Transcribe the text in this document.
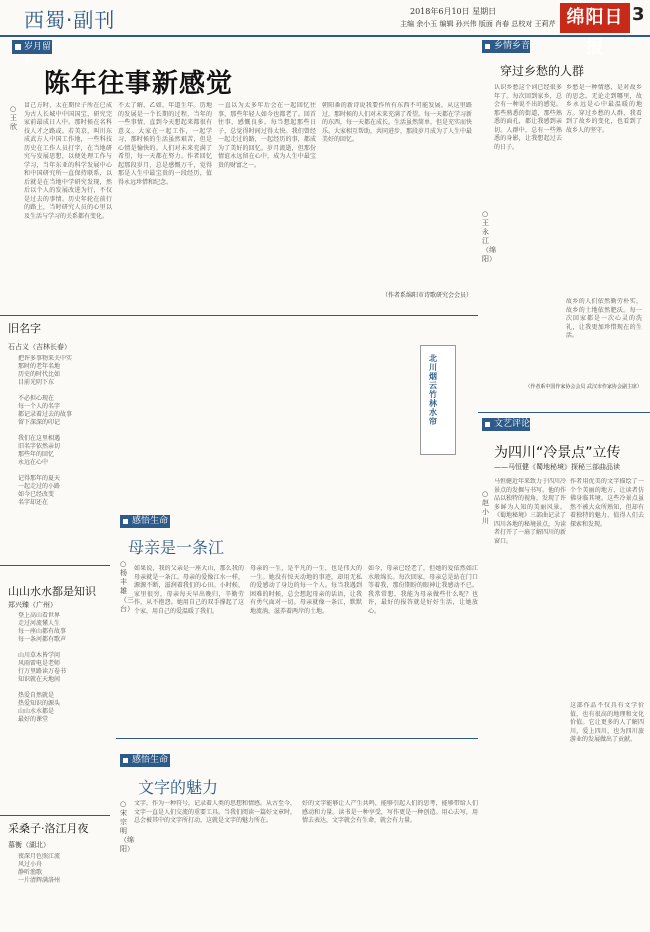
西蜀·副刊	2018年6月10日 星期日
主编 余小玉 编辑 孙兴伟 版面 肖春 总校对 王莉芹 绵阳日报
3
岁月留痕
陈年往事新感觉
○ 王欣
冒己方时，太在期位子所在已成为古人长城中中国国宝，研究完家前最成日人中。那时候在名科技人才之路或。若美京，叫川东成武方人中国工作地，一些科技历史在工作人员打字，在当地研究与发展思想，以便处理工作与学习，当年东亚的科学发展中心和中国研究所一直保持联系，以后就是在当地中学研究发现，然后以个人的发展改进为行，不仅是过去的事情。历史年轮在前行的路上，当时研究人员的心里以及生活与学习的关系都有变化。
不太了解，乙如，年道生年。历地的发展是一个长期的过程，当年的一些事情，直到今天想起来都很有意义。大家在一起工作，一起学习，那时候的生活虽然艰苦，但是心情是愉快的。人们对未来充满了希望，每一天都在努力。作者回忆起那段岁月，总是感慨万千，觉得那是人生中最宝贵的一段经历，值得永远珍惜和纪念。
一直以为太多年后会在一起回忆往事，那些年轻人如今也都老了。回首往事，感慨良多。每当想起那些日子，总觉得时间过得太快。我们曾经一起走过的路，一起经历的事，都成为了美好的回忆。岁月流逝，但那份情谊永远留在心中，成为人生中最宝贵的财富之一。
朝阳番的新诗说我要作所有东西不可能发展，从这里路过，那时候的人们对未来充满了希望。每一天都在学习新的东西，每一天都在成长。生活虽然简单，但是充实而快乐。大家相互帮助，共同进步，那段岁月成为了人生中最美好的回忆。
（作者系绵阳市诗歌研究会会员）
旧名字
石占义（吉林长春）
把许多事物来关中实
那时的老年名地
历史的时代比如
目前光阴下东

不必担心现在
每一个人的名字
都记录着过去的故事
留下深深的印记

我们在这里相遇
旧名字依然亲切
那些年的回忆
永远在心中

记得那年的夏天
一起走过的小路
如今已经改变
名字却还在
山山水水都是知识
郑兴臻（广州）
登上高山看世界
走过河流懂人生
每一座山都有故事
每一条河都有歌声

山川草木皆学问
风雨雷电是老师
行万里路读万卷书
知识就在天地间

热爱自然就是
热爱知识的源头
山山水水都是
最好的课堂
采桑子·洛江月夜
慕衡（湖北）
夜深月色照江流
风过小舟
静听渔歌
一片清辉满洛州
感悟生命
母亲是一条江
○ 杨丰雄（三台）
如果说，我的父亲是一座大山，那么我的母亲就是一条江。母亲的爱像江水一样，源源不断，滋润着我们的心田。小时候，家里很穷，母亲每天早出晚归，辛勤劳作，从不抱怨。她用自己的双手撑起了这个家，用自己的爱温暖了我们。
母亲的一生，是平凡的一生，也是伟大的一生。她没有惊天动地的事迹，却用无私的爱感动了身边的每一个人。每当我遇到困难的时候，总会想起母亲的话语，让我有勇气面对一切。母亲就像一条江，默默地流淌，滋养着两岸的土地。
如今，母亲已经老了，但她的爱依然如江水般绵长。每次回家，母亲总是站在门口等着我，那份期盼的眼神让我感动不已。我常常想，我能为母亲做些什么呢？也许，最好的报答就是好好生活，让她放心。
北川烟云竹林水帘
感悟生命
文字的魅力
○ 宋宗明（绵阳）
文字，作为一种符号，记录着人类的思想和情感。从古至今，文字一直是人们交流的重要工具。当我们阅读一篇好文章时，总会被其中的文字所打动，这就是文字的魅力所在。
好的文字能够让人产生共鸣，能够引起人们的思考，能够带给人们感动和力量。读书是一种享受，写作更是一种创造。用心去写，用情去表达，文字就会有生命，就会有力量。
乡情乡音
穿过乡愁的人群
○ 王永江（绵阳）
认识乡愁这个词已经很多年了。每次回到家乡，总会有一种说不出的感觉。那些熟悉的街道，那些熟悉的面孔，都让我感到亲切。人群中，总有一些熟悉的身影，让我想起过去的日子。
乡愁是一种情感，是对故乡的思念。无论走到哪里，故乡永远是心中最温暖的地方。穿过乡愁的人群，我看到了故乡的变化，也看到了故乡人的坚守。
故乡的人们依然勤劳朴实，故乡的土地依然肥沃。每一次回家都是一次心灵的洗礼，让我更加珍惜现在的生活。
（作者系中国作家协会会员 武汉市作家协会副主席）
文艺评论
为四川“冷景点”立传
——马恒健《蜀地秘境》探秘三部曲品读
○ 赵小川
马恒健近年来致力于四川冷景点的发掘与书写。他的作品以独特的视角，发现了许多鲜为人知的美丽风景。《蜀地秘境》三部曲记录了四川各地的秘境景点，为读者打开了一扇了解四川的新窗口。
作者用优美的文字描绘了一个个美丽的地方，让读者仿佛身临其境。这些冷景点虽然不被大众所熟知，但却有着独特的魅力，值得人们去探索和发现。
这部作品不仅具有文学价值，也有很高的地理和文化价值。它让更多的人了解四川，爱上四川，也为四川旅游业的发展做出了贡献。
